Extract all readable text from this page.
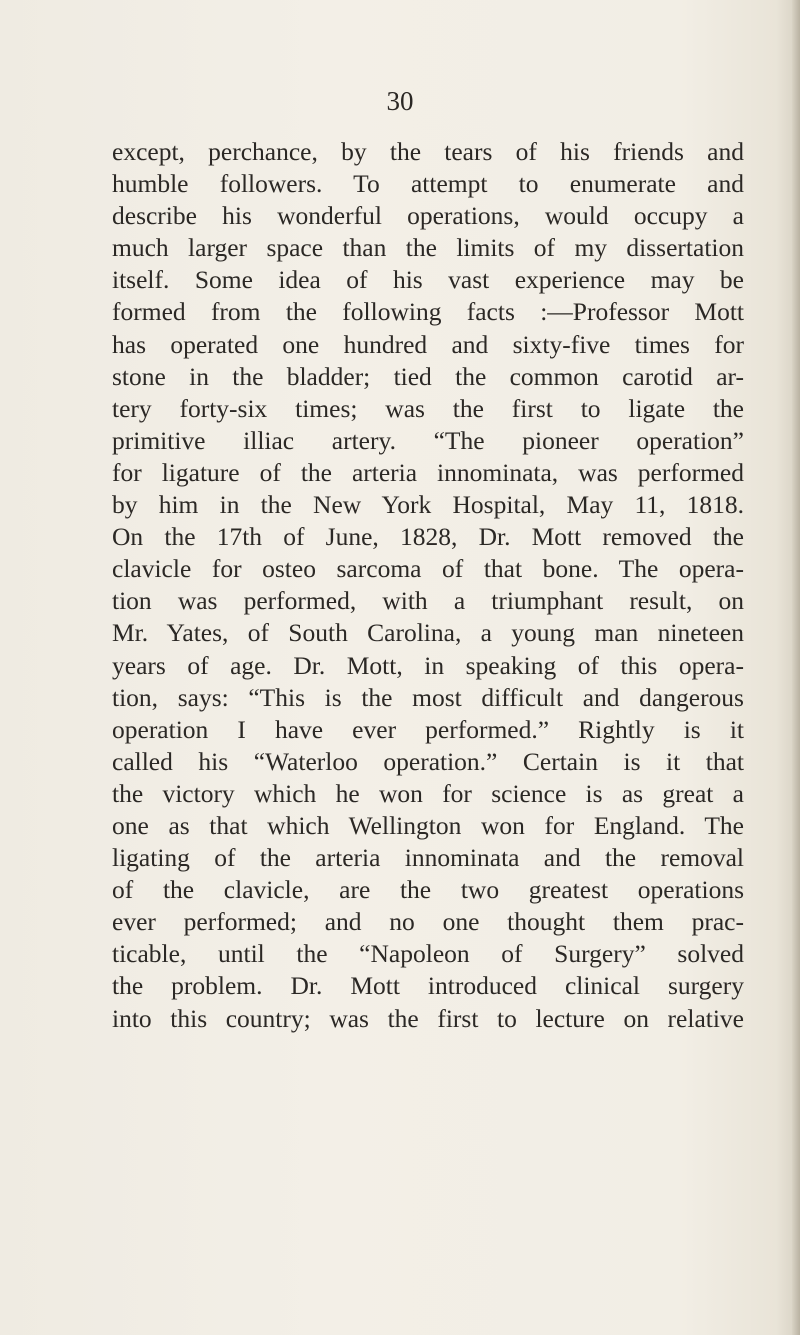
30
except, perchance, by the tears of his friends and
humble followers. To attempt to enumerate and
describe his wonderful operations, would occupy a
much larger space than the limits of my dissertation
itself. Some idea of his vast experience may be
formed from the following facts :—Professor Mott
has operated one hundred and sixty-five times for
stone in the bladder; tied the common carotid ar-
tery forty-six times; was the first to ligate the
primitive illiac artery. “The pioneer operation”
for ligature of the arteria innominata, was performed
by him in the New York Hospital, May 11, 1818.
On the 17th of June, 1828, Dr. Mott removed the
clavicle for osteo sarcoma of that bone. The opera-
tion was performed, with a triumphant result, on
Mr. Yates, of South Carolina, a young man nineteen
years of age. Dr. Mott, in speaking of this opera-
tion, says: “This is the most difficult and dangerous
operation I have ever performed.” Rightly is it
called his “Waterloo operation.” Certain is it that
the victory which he won for science is as great a
one as that which Wellington won for England. The
ligating of the arteria innominata and the removal
of the clavicle, are the two greatest operations
ever performed; and no one thought them prac-
ticable, until the “Napoleon of Surgery” solved
the problem. Dr. Mott introduced clinical surgery
into this country; was the first to lecture on relative
